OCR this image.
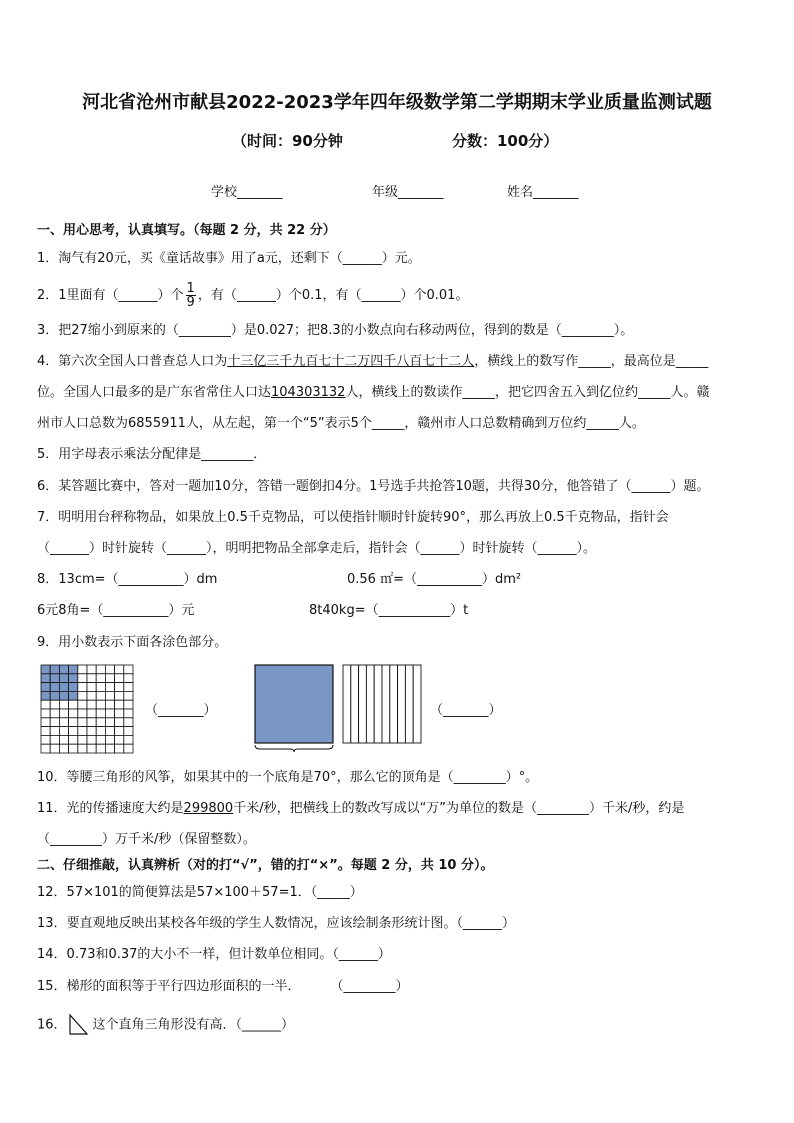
河北省沧州市献县2022-2023学年四年级数学第二学期期末学业质量监测试题
（时间：90分钟	分数：100分）
学校_______	年级_______	姓名_______
一、用心思考，认真填写。（每题 2 分，共 22 分）
1．淘气有20元，买《童话故事》用了a元，还剩下（______）元。
2．1里面有（______）个 $\frac{1}{9}$ ，有（______）个0.1，有（______）个0.01。
3．把27缩小到原来的（________）是0.027；把8.3的小数点向右移动两位，得到的数是（________）。
4．第六次全国人口普查总人口为十三亿三千九百七十二万四千八百七十二人，横线上的数写作_____，最高位是_____
位。全国人口最多的是广东省常住人口达104303132人，横线上的数读作_____，把它四舍五入到亿位约_____人。赣
州市人口总数为6855911人，从左起，第一个“5”表示5个_____，赣州市人口总数精确到万位约_____人。
5．用字母表示乘法分配律是________．
6．某答题比赛中，答对一题加10分，答错一题倒扣4分。1号选手共抢答10题，共得30分，他答错了（______）题。
7．明明用台秤称物品，如果放上0.5千克物品，可以使指针顺时针旋转90°，那么再放上0.5千克物品，指针会
（______）时针旋转（______），明明把物品全部拿走后，指针会（______）时针旋转（______）。
8．13cm=（__________）dm	0.56 ㎡=（__________）dm²
6元8角=（__________）元	8t40kg=（___________）t
9．用小数表示下面各涂色部分。
（_______）	（_______）
10．等腰三角形的风筝，如果其中的一个底角是70°，那么它的顶角是（________）°。
11．光的传播速度大约是299800千米/秒，把横线上的数改写成以“万”为单位的数是（________）千米/秒，约是
（________）万千米/秒（保留整数）。
二、仔细推敲，认真辨析（对的打“√”，错的打“×”。每题 2 分，共 10 分）。
12．57×101的简便算法是57×100＋57=1．（_____）
13．要直观地反映出某校各年级的学生人数情况，应该绘制条形统计图。（______）
14．0.73和0.37的大小不一样，但计数单位相同。（______）
15．梯形的面积等于平行四边形面积的一半． （________）
16． 这个直角三角形没有高．（______）
